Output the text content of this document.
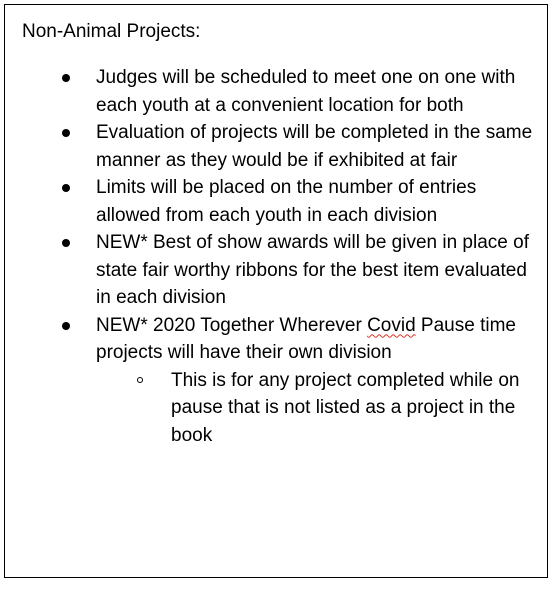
Non-Animal Projects:
Judges will be scheduled to meet one on one with each youth at a convenient location for both
Evaluation of projects will be completed in the same manner as they would be if exhibited at fair
Limits will be placed on the number of entries allowed from each youth in each division
NEW* Best of show awards will be given in place of state fair worthy ribbons for the best item evaluated in each division
NEW* 2020 Together Wherever Covid Pause time projects will have their own division
This is for any project completed while on pause that is not listed as a project in the book
